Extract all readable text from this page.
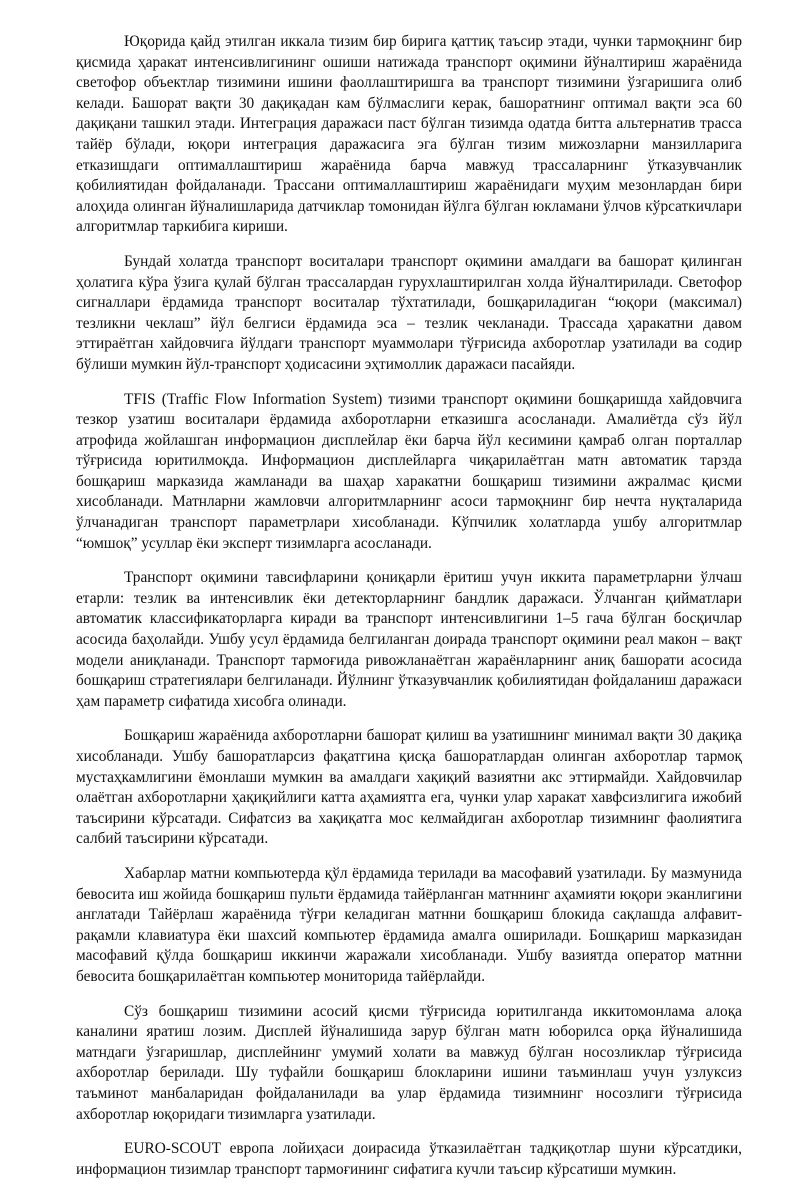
Юқорида қайд этилган иккала тизим бир бирига қаттиқ таъсир этади, чунки тармоқнинг бир қисмида ҳаракат интенсивлигининг ошиши натижада транспорт оқимини йўналтириш жараёнида светофор объектлар тизимини ишини фаоллаштиришга ва транспорт тизимини ўзгаришига олиб келади. Башорат вақти 30 дақиқадан кам бўлмаслиги керак, башоратнинг оптимал вақти эса 60 дақиқани ташкил этади. Интеграция даражаси паст бўлган тизимда одатда битта альтернатив трасса тайёр бўлади, юқори интеграция даражасига эга бўлган тизим мижозларни манзилларига етказишдаги оптималлаштириш жараёнида барча мавжуд трассаларнинг ўтказувчанлик қобилиятидан фойдаланади. Трассани оптималлаштириш жараёнидаги муҳим мезонлардан бири алоҳида олинган йўналишларида датчиклар томонидан йўлга бўлган юкламани ўлчов кўрсаткичлари алгоритмлар таркибига кириши.

Бундай холатда транспорт воситалари транспорт оқимини амалдаги ва башорат қилинган ҳолатига кўра ўзига қулай бўлган трассалардан гурухлаштирилган холда йўналтирилади. Светофор сигналлари ёрдамида транспорт воситалар тўхтатилади, бошқариладиган “юқори (максимал) тезликни чеклаш” йўл белгиси ёрдамида эса – тезлик чекланади. Трассада ҳаракатни давом эттираётган хайдовчига йўлдаги транспорт муаммолари тўғрисида ахборотлар узатилади ва содир бўлиши мумкин йўл-транспорт ҳодисасини эҳтимоллик даражаси пасайяди.

TFIS (Traffic Flow Information System) тизими транспорт оқимини бошқаришда хайдовчига тезкор узатиш воситалари ёрдамида ахборотларни етказишга асосланади. Амалиётда сўз йўл атрофида жойлашган информацион дисплейлар ёки барча йўл кесимини қамраб олган порталлар тўғрисида юритилмоқда. Информацион дисплейларга чиқарилаётган матн автоматик тарзда бошқариш марказида жамланади ва шаҳар харакатни бошқариш тизимини ажралмас қисми хисобланади. Матнларни жамловчи алгоритмларнинг асоси тармоқнинг бир нечта нуқталарида ўлчанадиган транспорт параметрлари хисобланади. Кўпчилик холатларда ушбу алгоритмлар “юмшоқ” усуллар ёки эксперт тизимларга асосланади.

Транспорт оқимини тавсифларини қониқарли ёритиш учун иккита параметрларни ўлчаш етарли: тезлик ва интенсивлик ёки детекторларнинг бандлик даражаси. Ўлчанган қийматлари автоматик классификаторларга киради ва транспорт интенсивлигини 1–5 гача бўлган босқичлар асосида баҳолайди. Ушбу усул ёрдамида белгиланган доирада транспорт оқимини реал макон – вақт модели аниқланади. Транспорт тармоғида ривожланаётган жараёнларнинг аниқ башорати асосида бошқариш стратегиялари белгиланади. Йўлнинг ўтказувчанлик қобилиятидан фойдаланиш даражаси ҳам параметр сифатида хисобга олинади.

Бошқариш жараёнида ахборотларни башорат қилиш ва узатишнинг минимал вақти 30 дақиқа хисобланади. Ушбу башоратларсиз фақатгина қисқа башоратлардан олинган ахборотлар тармоқ мустаҳкамлигини ёмонлаши мумкин ва амалдаги хақиқий вазиятни акс эттирмайди. Хайдовчилар олаётган ахборотларни ҳақиқийлиги катта аҳамиятга ега, чунки улар харакат хавфсизлигига ижобий таъсирини кўрсатади. Сифатсиз ва хақиқатга мос келмайдиган ахборотлар тизимнинг фаолиятига салбий таъсирини кўрсатади.

Хабарлар матни компьютерда қўл ёрдамида терилади ва масофавий узатилади. Бу мазмунида бевосита иш жойида бошқариш пульти ёрдамида тайёрланган матннинг аҳамияти юқори эканлигини англатади Тайёрлаш жараёнида тўғри келадиган матнни бошқариш блокида сақлашда алфавит-рақамли клавиатура ёки шахсий компьютер ёрдамида амалга оширилади. Бошқариш марказидан масофавий қўлда бошқариш иккинчи жаражали хисобланади. Ушбу вазиятда оператор матнни бевосита бошқарилаётган компьютер мониторида тайёрлайди.

Сўз бошқариш тизимини асосий қисми тўғрисида юритилганда иккитомонлама алоқа каналини яратиш лозим. Дисплей йўналишида зарур бўлган матн юборилса орқа йўналишида матндаги ўзгаришлар, дисплейнинг умумий холати ва мавжуд бўлган носозликлар тўғрисида ахборотлар берилади. Шу туфайли бошқариш блокларини ишини таъминлаш учун узлуксиз таъминот манбаларидан фойдаланилади ва улар ёрдамида тизимнинг носозлиги тўғрисида ахборотлар юқоридаги тизимларга узатилади.

EURO-SCOUT европа лойиҳаси доирасида ўтказилаётган тадқиқотлар шуни кўрсатдики, информацион тизимлар транспорт тармоғининг сифатига кучли таъсир кўрсатиши мумкин.
